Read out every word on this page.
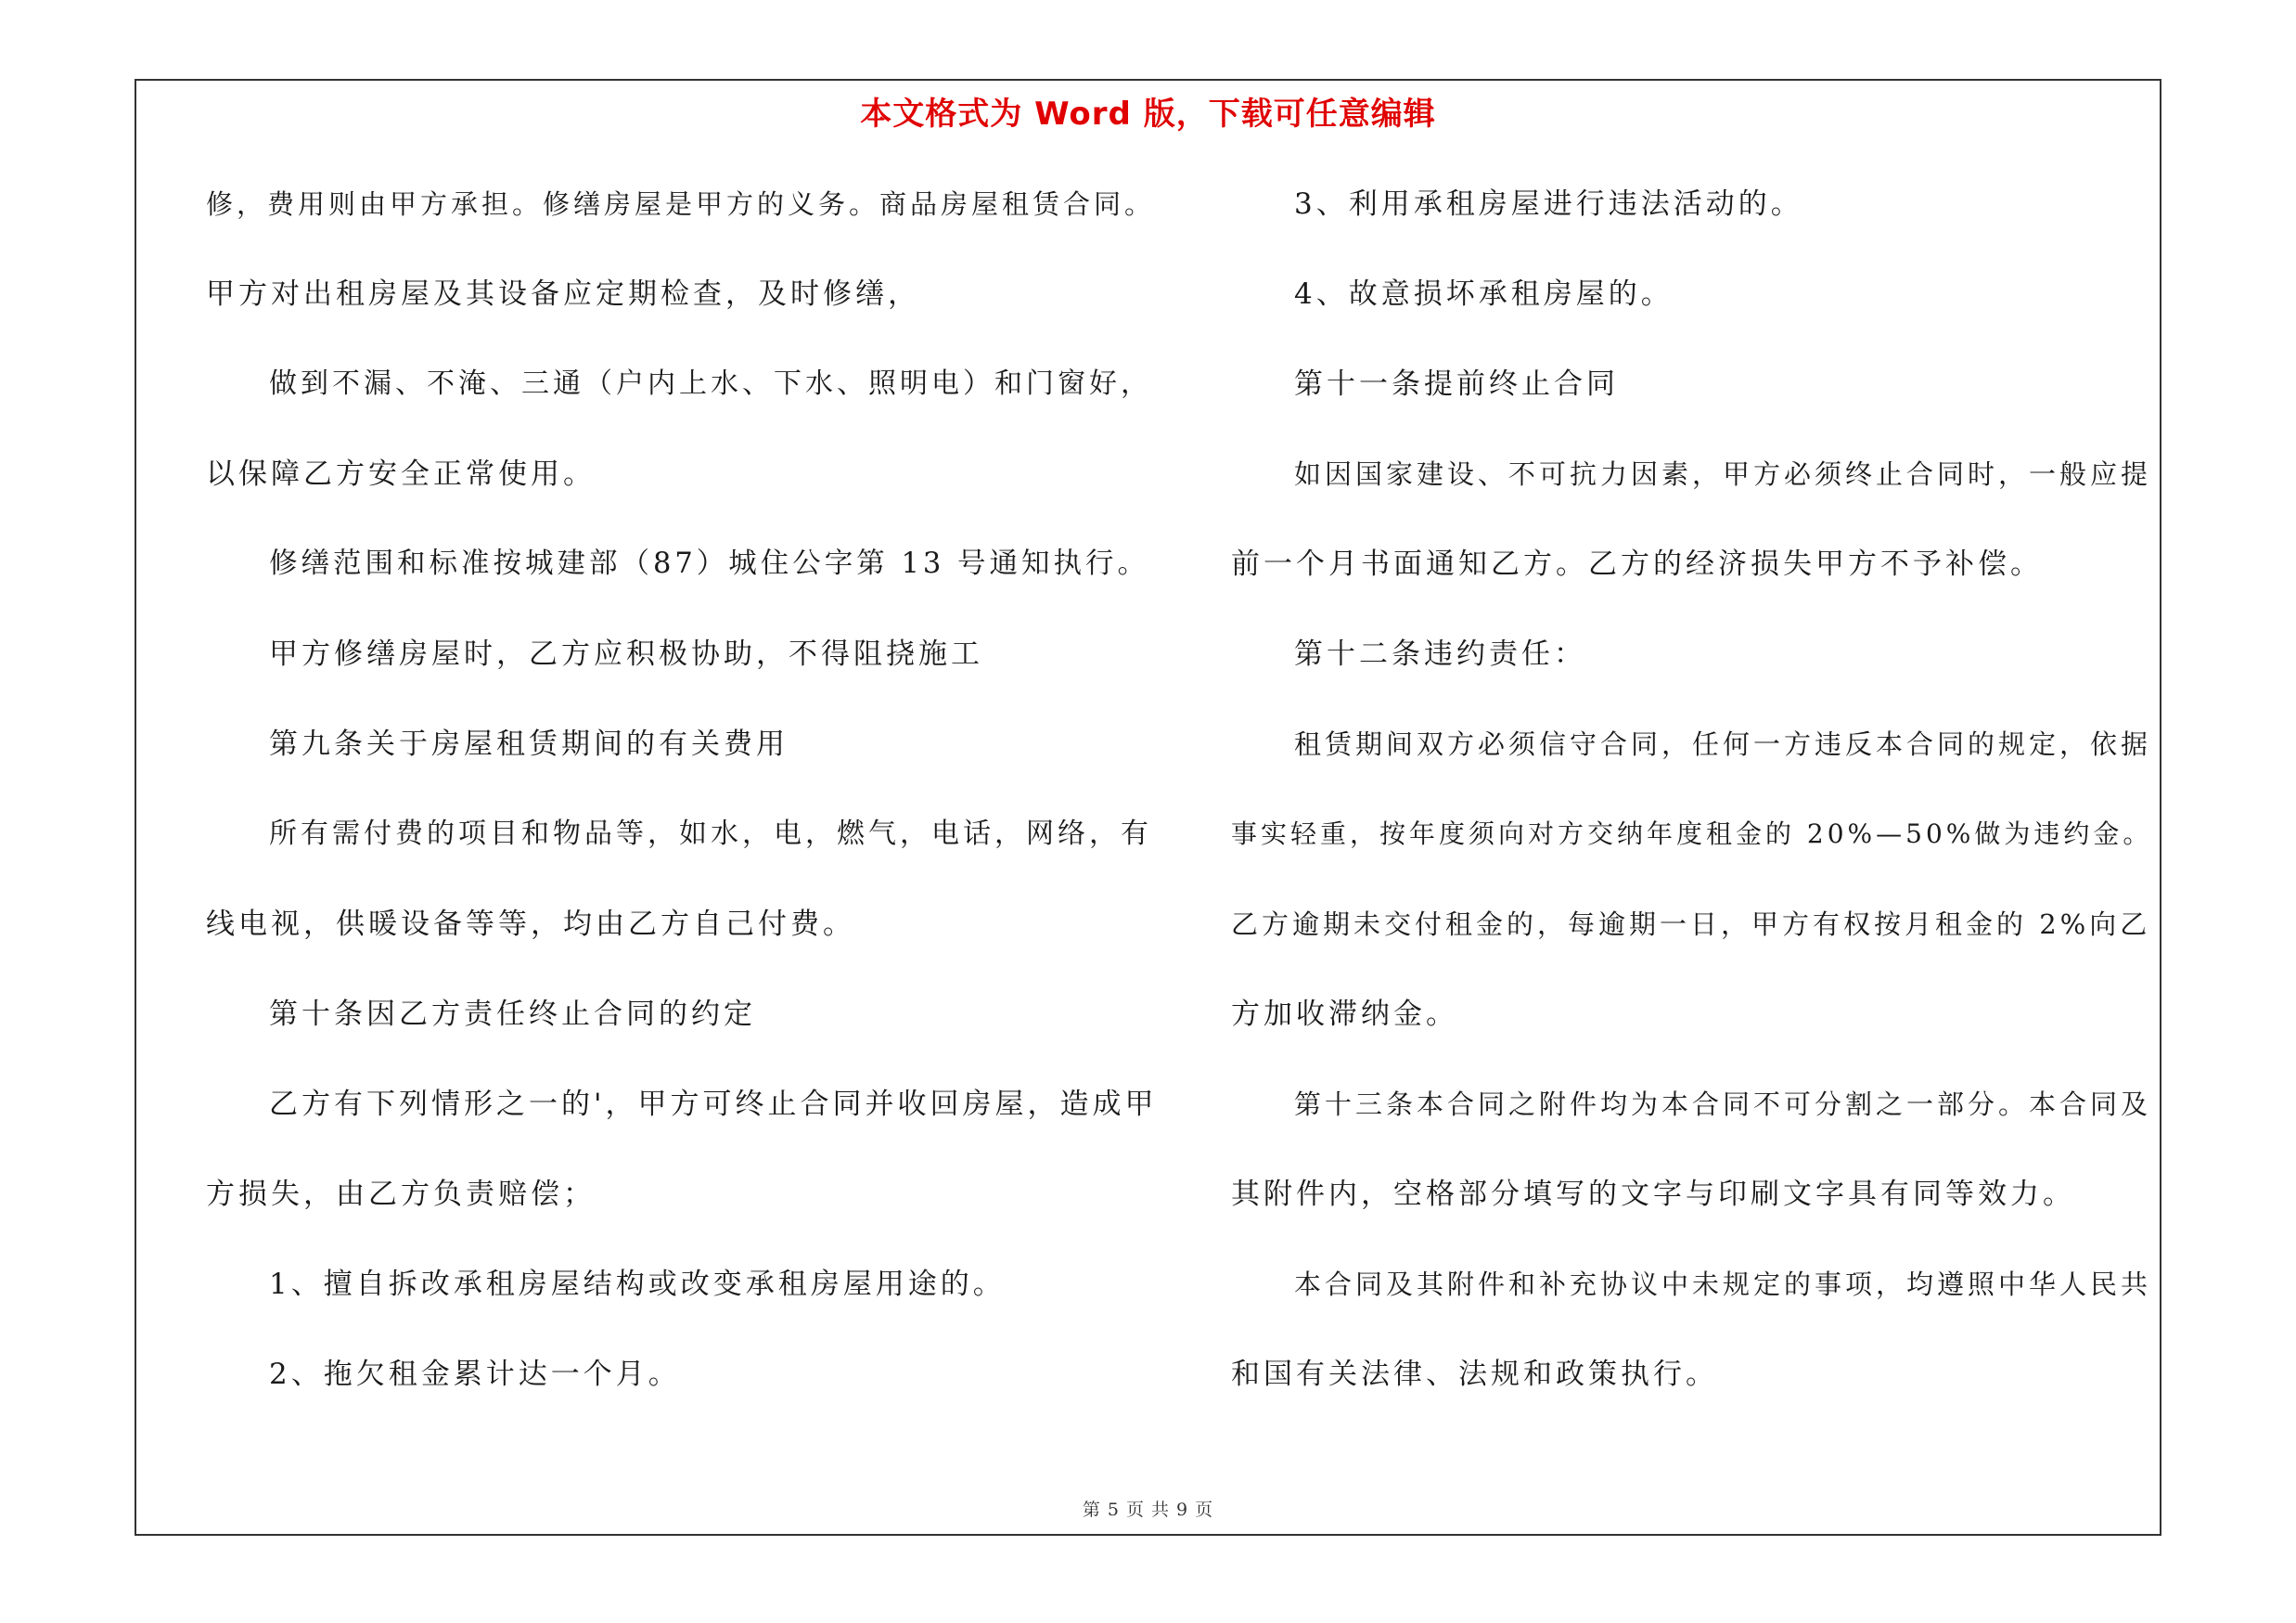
本文格式为 Word 版，下载可任意编辑
修，费用则由甲方承担。修缮房屋是甲方的义务。商品房屋租赁合同。
甲方对出租房屋及其设备应定期检查，及时修缮，
做到不漏、不淹、三通（户内上水、下水、照明电）和门窗好，
以保障乙方安全正常使用。
修缮范围和标准按城建部（87）城住公字第 13 号通知执行。
甲方修缮房屋时，乙方应积极协助，不得阻挠施工
第九条关于房屋租赁期间的有关费用
所有需付费的项目和物品等，如水，电，燃气，电话，网络，有
线电视，供暖设备等等，均由乙方自己付费。
第十条因乙方责任终止合同的约定
乙方有下列情形之一的'，甲方可终止合同并收回房屋，造成甲
方损失，由乙方负责赔偿；
1、擅自拆改承租房屋结构或改变承租房屋用途的。
2、拖欠租金累计达一个月。
3、利用承租房屋进行违法活动的。
4、故意损坏承租房屋的。
第十一条提前终止合同
如因国家建设、不可抗力因素，甲方必须终止合同时，一般应提
前一个月书面通知乙方。乙方的经济损失甲方不予补偿。
第十二条违约责任：
租赁期间双方必须信守合同，任何一方违反本合同的规定，依据
事实轻重，按年度须向对方交纳年度租金的 20%—50%做为违约金。
乙方逾期未交付租金的，每逾期一日，甲方有权按月租金的 2%向乙
方加收滞纳金。
第十三条本合同之附件均为本合同不可分割之一部分。本合同及
其附件内，空格部分填写的文字与印刷文字具有同等效力。
本合同及其附件和补充协议中未规定的事项，均遵照中华人民共
和国有关法律、法规和政策执行。
第 5 页 共 9 页
